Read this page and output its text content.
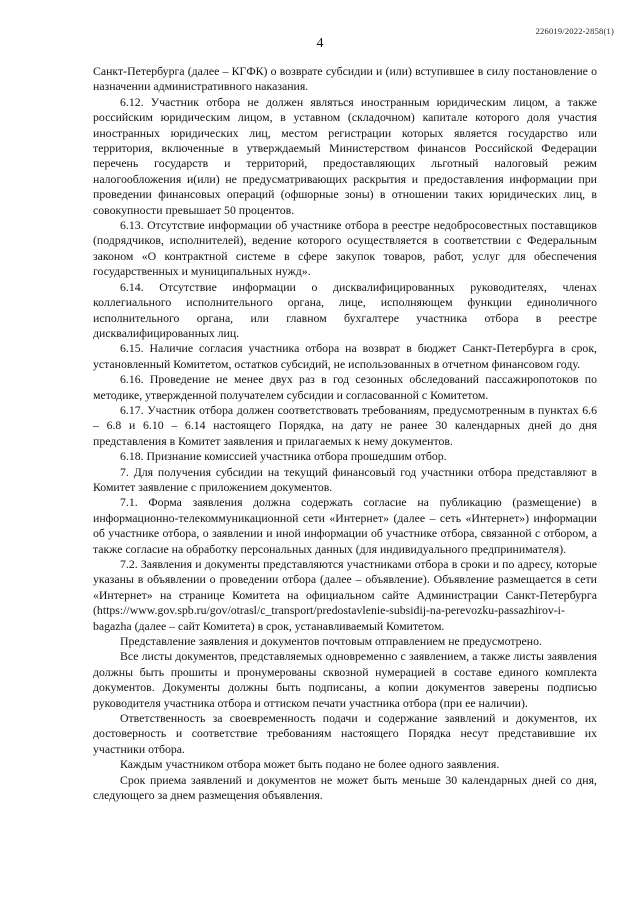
226019/2022-2858(1)
4

Санкт-Петербурга (далее – КГФК) о возврате субсидии и (или) вступившее в силу постановление о назначении административного наказания.

6.12. Участник отбора не должен являться иностранным юридическим лицом, а также российским юридическим лицом, в уставном (складочном) капитале которого доля участия иностранных юридических лиц, местом регистрации которых является государство или территория, включенные в утверждаемый Министерством финансов Российской Федерации перечень государств и территорий, предоставляющих льготный налоговый режим налогообложения и(или) не предусматривающих раскрытия и предоставления информации при проведении финансовых операций (офшорные зоны) в отношении таких юридических лиц, в совокупности превышает 50 процентов.

6.13. Отсутствие информации об участнике отбора в реестре недобросовестных поставщиков (подрядчиков, исполнителей), ведение которого осуществляется в соответствии с Федеральным законом «О контрактной системе в сфере закупок товаров, работ, услуг для обеспечения государственных и муниципальных нужд».

6.14. Отсутствие информации о дисквалифицированных руководителях, членах коллегиального исполнительного органа, лице, исполняющем функции единоличного исполнительного органа, или главном бухгалтере участника отбора в реестре дисквалифицированных лиц.

6.15. Наличие согласия участника отбора на возврат в бюджет Санкт-Петербурга в срок, установленный Комитетом, остатков субсидий, не использованных в отчетном финансовом году.

6.16. Проведение не менее двух раз в год сезонных обследований пассажиропотоков по методике, утвержденной получателем субсидии и согласованной с Комитетом.

6.17. Участник отбора должен соответствовать требованиям, предусмотренным в пунктах 6.6 – 6.8 и 6.10 – 6.14 настоящего Порядка, на дату не ранее 30 календарных дней до дня представления в Комитет заявления и прилагаемых к нему документов.

6.18. Признание комиссией участника отбора прошедшим отбор.

7. Для получения субсидии на текущий финансовый год участники отбора представляют в Комитет заявление с приложением документов.

7.1. Форма заявления должна содержать согласие на публикацию (размещение) в информационно-телекоммуникационной сети «Интернет» (далее – сеть «Интернет») информации об участнике отбора, о заявлении и иной информации об участнике отбора, связанной с отбором, а также согласие на обработку персональных данных (для индивидуального предпринимателя).

7.2. Заявления и документы представляются участниками отбора в сроки и по адресу, которые указаны в объявлении о проведении отбора (далее – объявление). Объявление размещается в сети «Интернет» на странице Комитета на официальном сайте Администрации Санкт-Петербурга (https://www.gov.spb.ru/gov/otrasl/c_transport/predostavlenie-subsidij-na-perevozku-passazhirov-i-bagazha (далее – сайт Комитета) в срок, устанавливаемый Комитетом.

Представление заявления и документов почтовым отправлением не предусмотрено.

Все листы документов, представляемых одновременно с заявлением, а также листы заявления должны быть прошиты и пронумерованы сквозной нумерацией в составе единого комплекта документов. Документы должны быть подписаны, а копии документов заверены подписью руководителя участника отбора и оттиском печати участника отбора (при ее наличии).

Ответственность за своевременность подачи и содержание заявлений и документов, их достоверность и соответствие требованиям настоящего Порядка несут представившие их участники отбора.

Каждым участником отбора может быть подано не более одного заявления.

Срок приема заявлений и документов не может быть меньше 30 календарных дней со дня, следующего за днем размещения объявления.
